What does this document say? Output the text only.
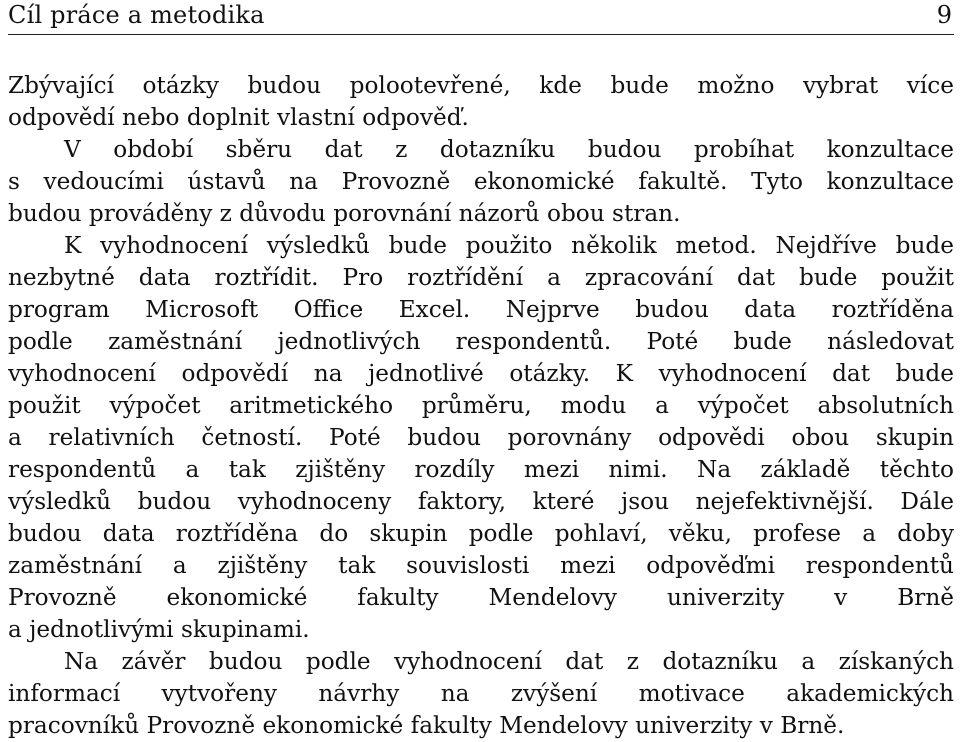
Cíl práce a metodika	9
Zbývající otázky budou polootevřené, kde bude možno vybrat více
odpovědí nebo doplnit vlastní odpověď.
V období sběru dat z dotazníku budou probíhat konzultace
s vedoucími ústavů na Provozně ekonomické fakultě. Tyto konzultace
budou prováděny z důvodu porovnání názorů obou stran.
K vyhodnocení výsledků bude použito několik metod. Nejdříve bude
nezbytné data roztřídit. Pro roztřídění a zpracování dat bude použit
program Microsoft Office Excel. Nejprve budou data roztříděna
podle zaměstnání jednotlivých respondentů. Poté bude následovat
vyhodnocení odpovědí na jednotlivé otázky. K vyhodnocení dat bude
použit výpočet aritmetického průměru, modu a výpočet absolutních
a relativních četností. Poté budou porovnány odpovědi obou skupin
respondentů a tak zjištěny rozdíly mezi nimi. Na základě těchto
výsledků budou vyhodnoceny faktory, které jsou nejefektivnější. Dále
budou data roztříděna do skupin podle pohlaví, věku, profese a doby
zaměstnání a zjištěny tak souvislosti mezi odpověďmi respondentů
Provozně ekonomické fakulty Mendelovy univerzity v Brně
a jednotlivými skupinami.
Na závěr budou podle vyhodnocení dat z dotazníku a získaných
informací vytvořeny návrhy na zvýšení motivace akademických
pracovníků Provozně ekonomické fakulty Mendelovy univerzity v Brně.
